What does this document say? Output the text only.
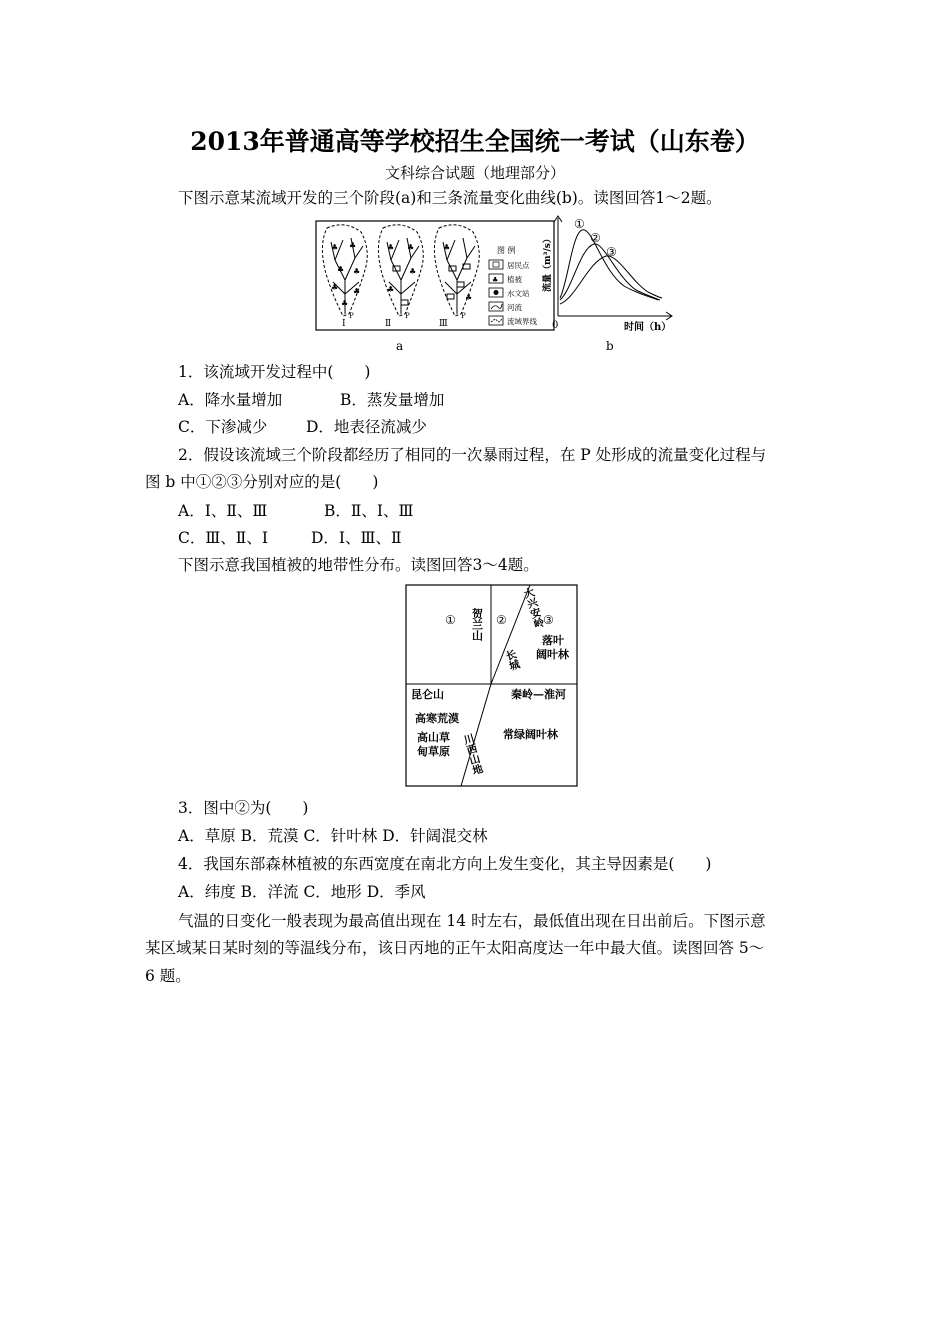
2013年普通高等学校招生全国统一考试（山东卷）
文科综合试题（地理部分）
下图示意某流域开发的三个阶段(a)和三条流量变化曲线(b)。读图回答1～2题。
♣ ♣
♣ ♣
♣ ♣
♣
♣ ♣
♣
♣
♣
♣
Ⅰ	Ⅱ	Ⅲ
P	P	P
图 例
居民点
♣ 植被
水文站
河流
流域界线
a
①
②
③
0	时间（h）
流量（m³/s）
b
1．该流域开发过程中(　　)
A．降水量增加	B．蒸发量增加
C．下渗减少	D．地表径流减少
2．假设该流域三个阶段都经历了相同的一次暴雨过程，在 P 处形成的流量变化过程与
图 b 中①②③分别对应的是(　　)
A．Ⅰ、Ⅱ、Ⅲ	B．Ⅱ、Ⅰ、Ⅲ
C．Ⅲ、Ⅱ、Ⅰ	D．Ⅰ、Ⅲ、Ⅱ
下图示意我国植被的地带性分布。读图回答3～4题。
①	②	③
贺兰山	大兴安岭
长城
落叶
阔叶林
昆仑山	秦岭—淮河
高寒荒漠
高山草
甸草原
常绿阔叶林
川西山地
3．图中②为(　　)
A．草原 B．荒漠 C．针叶林 D．针阔混交林
4．我国东部森林植被的东西宽度在南北方向上发生变化，其主导因素是(　　)
A．纬度 B．洋流 C．地形 D．季风
气温的日变化一般表现为最高值出现在 14 时左右，最低值出现在日出前后。下图示意
某区域某日某时刻的等温线分布，该日丙地的正午太阳高度达一年中最大值。读图回答 5～
6 题。
